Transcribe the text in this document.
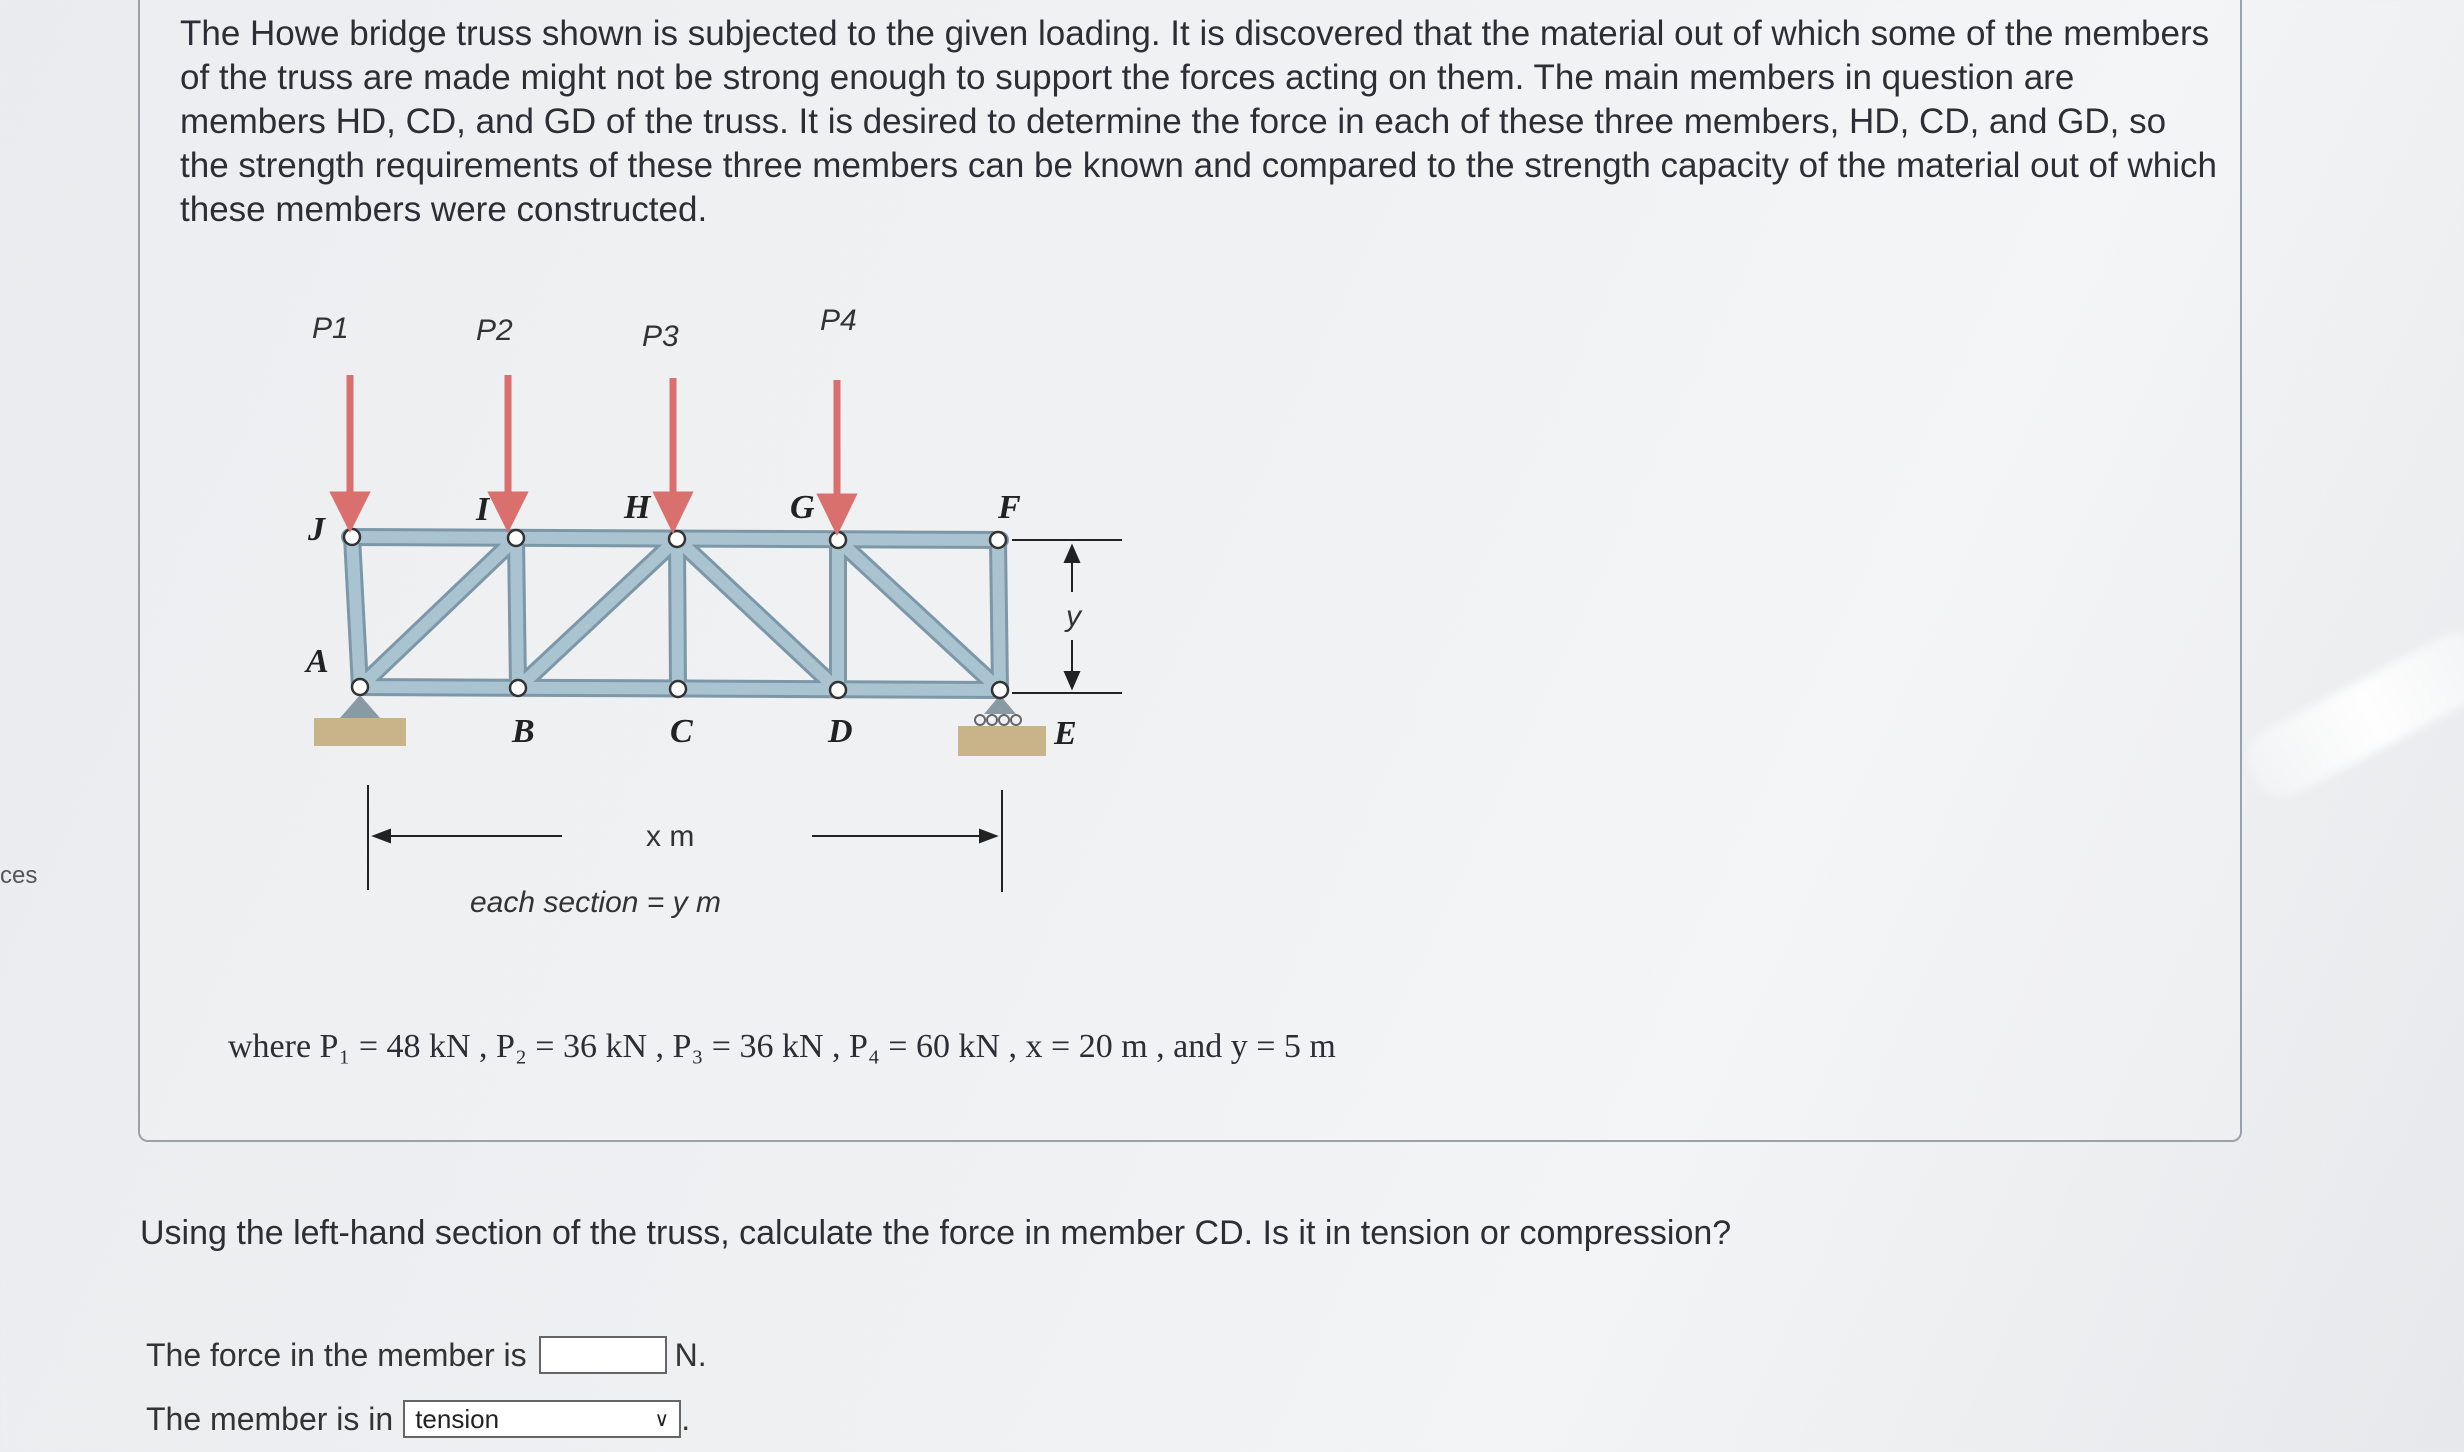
ces

The Howe bridge truss shown is subjected to the given loading. It is discovered that the material out of which some of the members of the truss are made might not be strong enough to support the forces acting on them. The main members in question are members HD, CD, and GD of the truss. It is desired to determine the force in each of these three members, HD, CD, and GD, so the strength requirements of these three members can be known and compared to the strength capacity of the material out of which these members were constructed.

P1	P2	P3	P4
J
I	H	G	F
A
B	C	D	E
y
x m
each section = y m
where P₁ = 48 kN , P₂ = 36 kN , P₃ = 36 kN , P₄ = 60 kN , x = 20 m , and y = 5 m
Using the left-hand section of the truss, calculate the force in member CD. Is it in tension or compression?
The force in the member is	N.
The member is in tension	∨ .
